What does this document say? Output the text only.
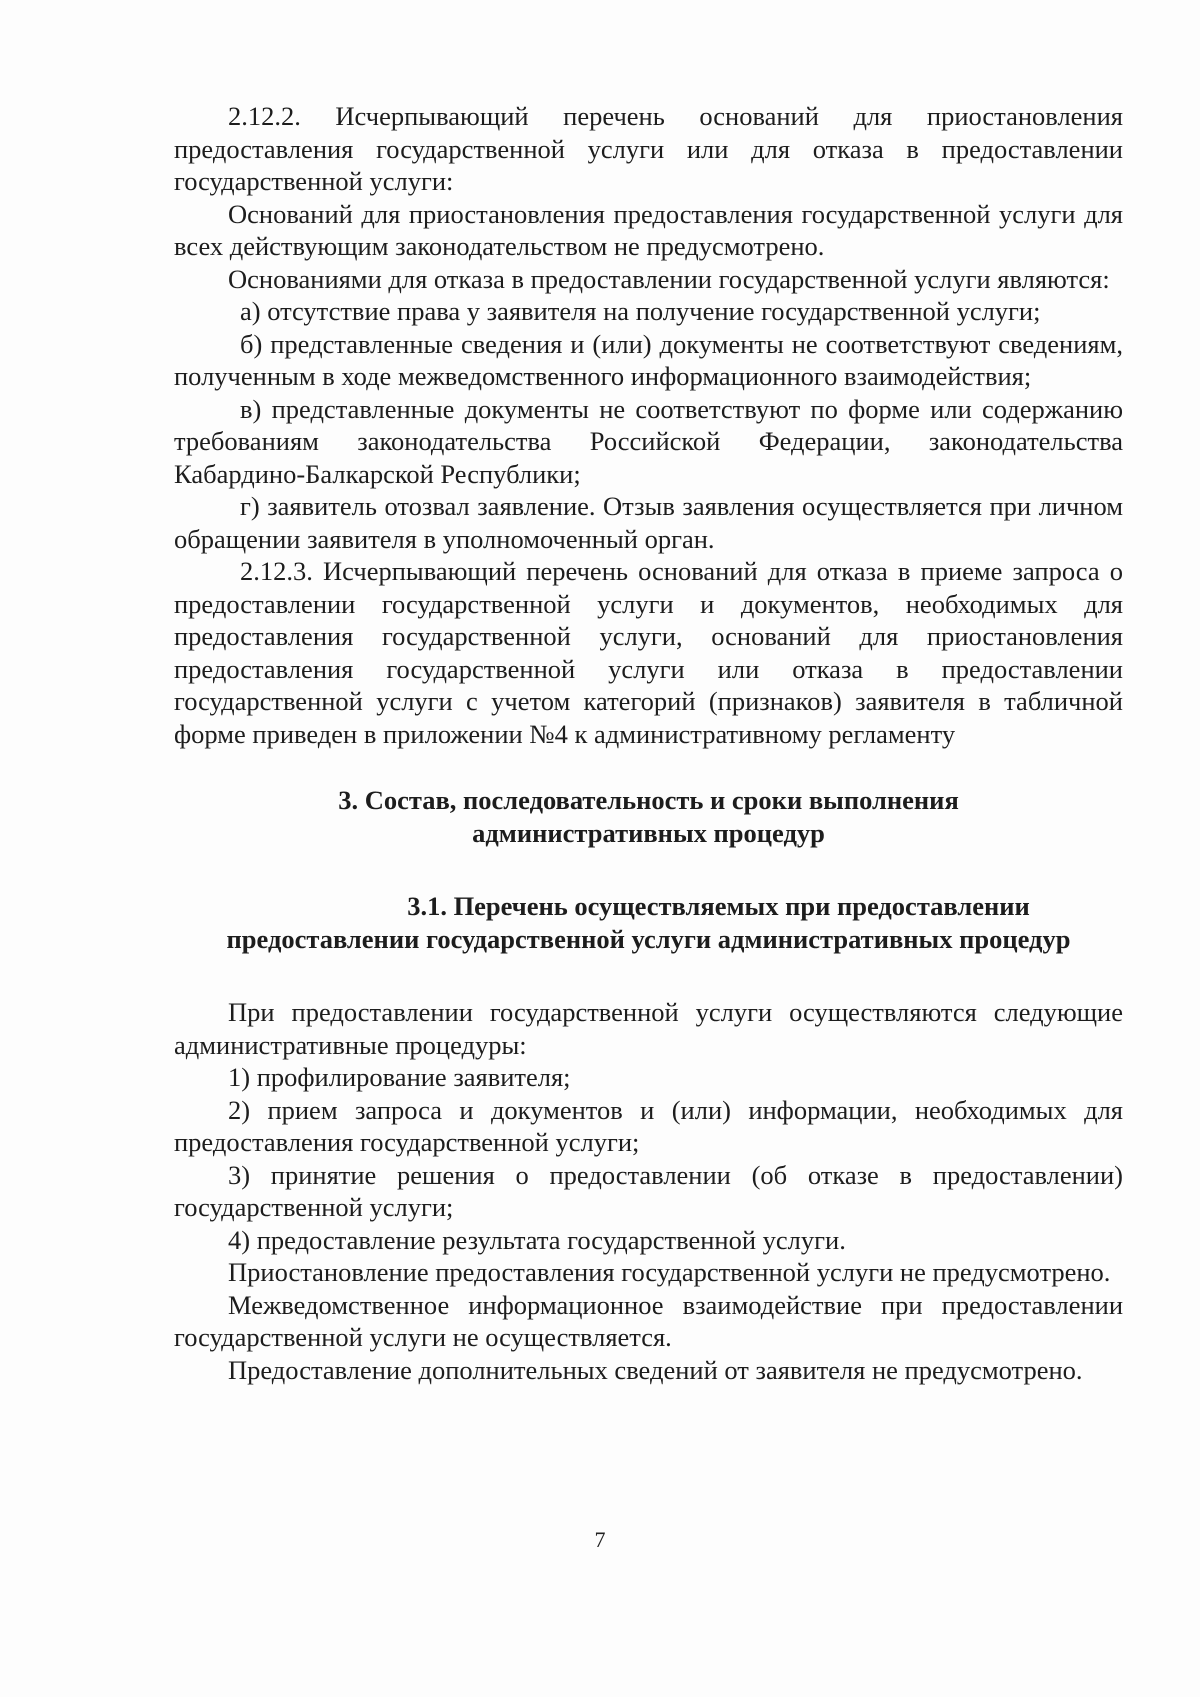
2.12.2. Исчерпывающий перечень оснований для приостановления предоставления государственной услуги или для отказа в предоставлении государственной услуги:

Оснований для приостановления предоставления государственной услуги для всех действующим законодательством не предусмотрено.

Основаниями для отказа в предоставлении государственной услуги являются:

а) отсутствие права у заявителя на получение государственной услуги;

б) представленные сведения и (или) документы не соответствуют сведениям, полученным в ходе межведомственного информационного взаимодействия;

в) представленные документы не соответствуют по форме или содержанию требованиям законодательства Российской Федерации, законодательства Кабардино-Балкарской Республики;

г) заявитель отозвал заявление. Отзыв заявления осуществляется при личном обращении заявителя в уполномоченный орган.

2.12.3. Исчерпывающий перечень оснований для отказа в приеме запроса о предоставлении государственной услуги и документов, необходимых для предоставления государственной услуги, оснований для приостановления предоставления государственной услуги или отказа в предоставлении государственной услуги с учетом категорий (признаков) заявителя в табличной форме приведен в приложении №4 к административному регламенту

3. Состав, последовательность и сроки выполнения
административных процедур
3.1. Перечень осуществляемых при предоставлении
предоставлении государственной услуги административных процедур

При предоставлении государственной услуги осуществляются следующие административные процедуры:

1) профилирование заявителя;

2) прием запроса и документов и (или) информации, необходимых для предоставления государственной услуги;

3) принятие решения о предоставлении (об отказе в предоставлении) государственной услуги;

4) предоставление результата государственной услуги.

Приостановление предоставления государственной услуги не предусмотрено.

Межведомственное информационное взаимодействие при предоставлении государственной услуги не осуществляется.

Предоставление дополнительных сведений от заявителя не предусмотрено.

7
